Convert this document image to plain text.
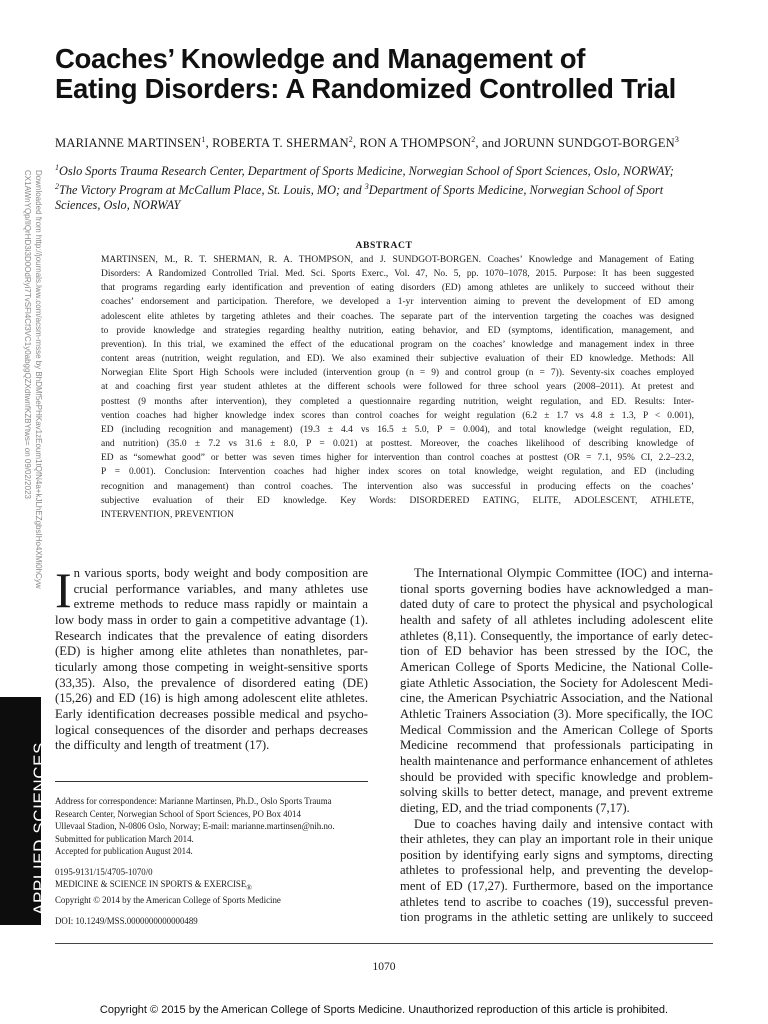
Coaches’ Knowledge and Management of
Eating Disorders: A Randomized Controlled Trial
MARIANNE MARTINSEN$^1$, ROBERTA T. SHERMAN$^2$, RON A THOMPSON$^2$, and JORUNN SUNDGOT-BORGEN$^3$
$^1$Oslo Sports Trauma Research Center, Department of Sports Medicine, Norwegian School of Sport Sciences, Oslo, NORWAY;
$^2$The Victory Program at McCallum Place, St. Louis, MO; and $^3$Department of Sports Medicine, Norwegian School of Sport
Sciences, Oslo, NORWAY
Downloaded from http://journals.lww.com/acsm-msse by BhDMf5ePHKav1zEoum1tQfN4a+kJLhEZgbsIHo4XMi0hCyw
CX1AWnYQp/IlQrHD3i3D0OdRyi7TvSFl4Cf3VC1y0abggQZXdtwnfKZBYtws= on 09/02/2023	ABSTRACT
MARTINSEN, M., R. T. SHERMAN, R. A. THOMPSON, and J. SUNDGOT-BORGEN. Coaches’ Knowledge and Management of Eating
Disorders: A Randomized Controlled Trial. Med. Sci. Sports Exerc., Vol. 47, No. 5, pp. 1070–1078, 2015. Purpose: It has been suggested
that programs regarding early identification and prevention of eating disorders (ED) among athletes are unlikely to succeed without their
coaches’ endorsement and participation. Therefore, we developed a 1-yr intervention aiming to prevent the development of ED among
adolescent elite athletes by targeting athletes and their coaches. The separate part of the intervention targeting the coaches was designed
to provide knowledge and strategies regarding healthy nutrition, eating behavior, and ED (symptoms, identification, management, and
prevention). In this trial, we examined the effect of the educational program on the coaches’ knowledge and management index in three
content areas (nutrition, weight regulation, and ED). We also examined their subjective evaluation of their ED knowledge. Methods: All
Norwegian Elite Sport High Schools were included (intervention group (n = 9) and control group (n = 7)). Seventy-six coaches employed
at and coaching first year student athletes at the different schools were followed for three school years (2008–2011). At pretest and
posttest (9 months after intervention), they completed a questionnaire regarding nutrition, weight regulation, and ED. Results: Inter-
vention coaches had higher knowledge index scores than control coaches for weight regulation (6.2 ± 1.7 vs 4.8 ± 1.3, P < 0.001),
ED (including recognition and management) (19.3 ± 4.4 vs 16.5 ± 5.0, P = 0.004), and total knowledge (weight regulation, ED,
and nutrition) (35.0 ± 7.2 vs 31.6 ± 8.0, P = 0.021) at posttest. Moreover, the coaches likelihood of describing knowledge of
ED as “somewhat good” or better was seven times higher for intervention than control coaches at posttest (OR = 7.1, 95% CI, 2.2–23.2,
P = 0.001). Conclusion: Intervention coaches had higher index scores on total knowledge, weight regulation, and ED (including
recognition and management) than control coaches. The intervention also was successful in producing effects on the coaches’
subjective evaluation of their ED knowledge. Key Words: DISORDERED EATING, ELITE, ADOLESCENT, ATHLETE,
INTERVENTION, PREVENTION
I n various sports, body weight and body composition are
crucial performance variables, and many athletes use
extreme methods to reduce mass rapidly or maintain a
low body mass in order to gain a competitive advantage (1).
Research indicates that the prevalence of eating disorders
(ED) is higher among elite athletes than nonathletes, par-
ticularly among those competing in weight-sensitive sports
(33,35). Also, the prevalence of disordered eating (DE)
(15,26) and ED (16) is high among adolescent elite athletes.
Early identification decreases possible medical and psycho-
logical consequences of the disorder and perhaps decreases
the difficulty and length of treatment (17).
Address for correspondence: Marianne Martinsen, Ph.D., Oslo Sports Trauma
Research Center, Norwegian School of Sport Sciences, PO Box 4014
Ullevaal Stadion, N-0806 Oslo, Norway; E-mail: marianne.martinsen@nih.no.
Submitted for publication March 2014.
Accepted for publication August 2014.
0195-9131/15/4705-1070/0
MEDICINE & SCIENCE IN SPORTS & $EXERCISE_®$
Copyright © 2014 by the American College of Sports Medicine
DOI: 10.1249/MSS.0000000000000489
The International Olympic Committee (IOC) and interna-
tional sports governing bodies have acknowledged a man-
dated duty of care to protect the physical and psychological
health and safety of all athletes including adolescent elite
athletes (8,11). Consequently, the importance of early detec-
tion of ED behavior has been stressed by the IOC, the
American College of Sports Medicine, the National Colle-
giate Athletic Association, the Society for Adolescent Medi-
cine, the American Psychiatric Association, and the National
Athletic Trainers Association (3). More specifically, the IOC
Medical Commission and the American College of Sports
Medicine recommend that professionals participating in
health maintenance and performance enhancement of athletes
should be provided with specific knowledge and problem-
solving skills to better detect, manage, and prevent extreme
dieting, ED, and the triad components (7,17).
Due to coaches having daily and intensive contact with
their athletes, they can play an important role in their unique
position by identifying early signs and symptoms, directing
athletes to professional help, and preventing the develop-
ment of ED (17,27). Furthermore, based on the importance
athletes tend to ascribe to coaches (19), successful preven-
tion programs in the athletic setting are unlikely to succeed
APPLIED SCIENCES
1070
Copyright © 2015 by the American College of Sports Medicine. Unauthorized reproduction of this article is prohibited.
